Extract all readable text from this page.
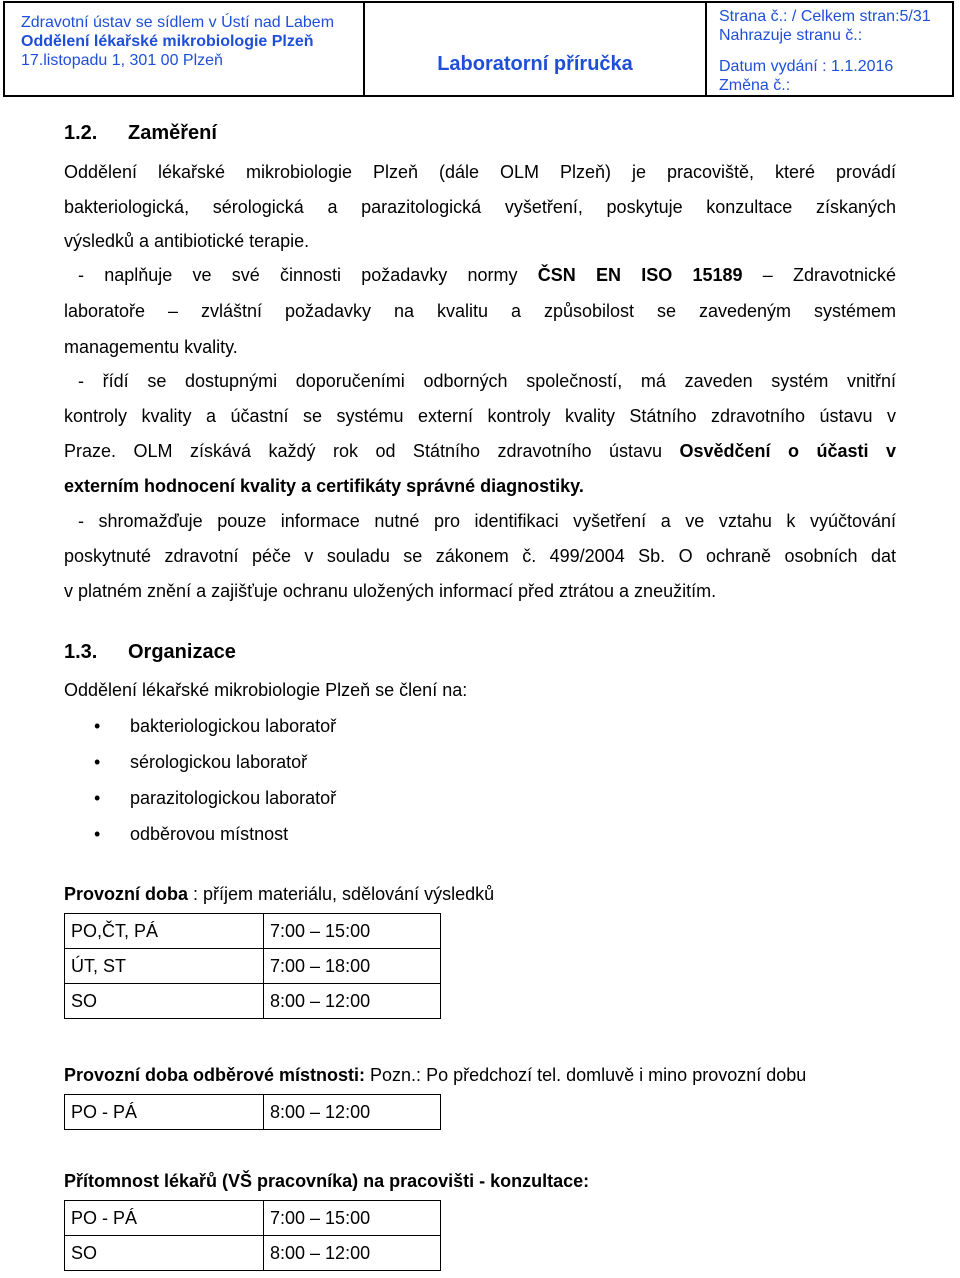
Zdravotní ústav se sídlem v Ústí nad Labem
Oddělení lékařské mikrobiologie Plzeň
17.listopadu 1, 301 00 Plzeň	Laboratorní příručka
Strana č.: / Celkem stran:5/31
Nahrazuje stranu č.:
Datum vydání : 1.1.2016
Změna č.:
1.2. Zaměření
Oddělení lékařské mikrobiologie Plzeň (dále OLM Plzeň) je pracoviště, které provádí
bakteriologická, sérologická a parazitologická vyšetření, poskytuje konzultace získaných
výsledků a antibiotické terapie.
- naplňuje ve své činnosti požadavky normy ČSN EN ISO 15189 – Zdravotnické
laboratoře – zvláštní požadavky na kvalitu a způsobilost se zavedeným systémem
managementu kvality.
- řídí se dostupnými doporučeními odborných společností, má zaveden systém vnitřní
kontroly kvality a účastní se systému externí kontroly kvality Státního zdravotního ústavu v
Praze. OLM získává každý rok od Státního zdravotního ústavu Osvědčení o účasti v
externím hodnocení kvality a certifikáty správné diagnostiky.
- shromažďuje pouze informace nutné pro identifikaci vyšetření a ve vztahu k vyúčtování
poskytnuté zdravotní péče v souladu se zákonem č. 499/2004 Sb. O ochraně osobních dat
v platném znění a zajišťuje ochranu uložených informací před ztrátou a zneužitím.
1.3. Organizace
Oddělení lékařské mikrobiologie Plzeň se člení na:
• bakteriologickou laboratoř
• sérologickou laboratoř
• parazitologickou laboratoř
• odběrovou místnost
Provozní doba : příjem materiálu, sdělování výsledků
PO,ČT, PÁ	7:00 – 15:00
ÚT, ST	7:00 – 18:00
SO	8:00 – 12:00
Provozní doba odběrové místnosti: Pozn.: Po předchozí tel. domluvě i mino provozní dobu
PO - PÁ	8:00 – 12:00
Přítomnost lékařů (VŠ pracovníka) na pracovišti - konzultace:
PO - PÁ	7:00 – 15:00
SO	8:00 – 12:00
